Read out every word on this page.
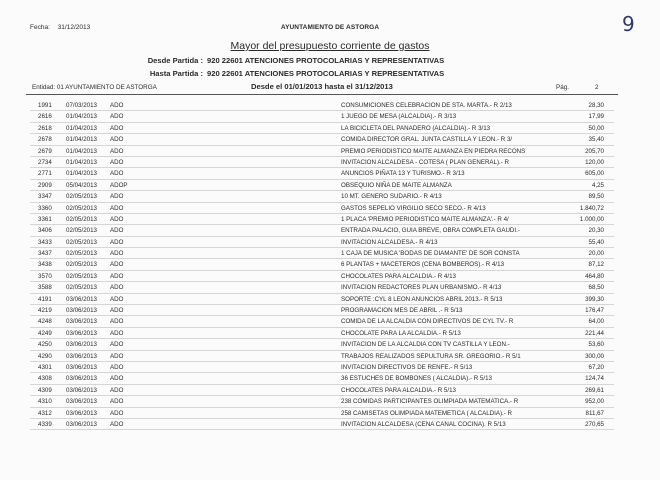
Fecha: 31/12/2013	AYUNTAMIENTO DE ASTORGA	9
Mayor del presupuesto corriente de gastos
Desde Partida : 920 22601 ATENCIONES PROTOCOLARIAS Y REPRESENTATIVAS
Hasta Partida : 920 22601 ATENCIONES PROTOCOLARIAS Y REPRESENTATIVAS
Entidad: 01 AYUNTAMIENTO DE ASTORGA	Desde el 01/01/2013 hasta el 31/12/2013	Pág.	2
1991 07/03/2013 ADO	CONSUMICIONES CELEBRACION DE STA. MARTA.- R 2/13	28,30
2616 01/04/2013 ADO	1 JUEGO DE MESA (ALCALDIA).- R 3/13	17,99
2618 01/04/2013 ADO	LA BICICLETA DEL PANADERO (ALCALDIA).- R 3/13	50,00
2678 01/04/2013 ADO	COMIDA DIRECTOR GRAL. JUNTA CASTILLA Y LEON.- R 3/	35,40
2679 01/04/2013 ADO	PREMIO PERIODISTICO MAITE ALMANZA EN PIEDRA RECONS	205,70
2734 01/04/2013 ADO	INVITACION ALCALDESA - COTESA ( PLAN GENERAL).- R	120,00
2771 01/04/2013 ADO	ANUNCIOS PIÑATA 13 Y TURISMO.- R 3/13	605,00
2909 05/04/2013 ADOP	OBSEQUIO NIÑA DE MAITE ALMANZA	4,25
3347 02/05/2013 ADO	10 MT. GENERO SUDARIO.- R 4/13	89,50
3360 02/05/2013 ADO	GASTOS SEPELIO VIRGILIO SECO SECO.- R 4/13	1.840,72
3361 02/05/2013 ADO	1 PLACA 'PREMIO PERIODISTICO MAITE ALMANZA'.- R 4/	1.000,00
3406 02/05/2013 ADO	ENTRADA PALACIO, GUIA BREVE, OBRA COMPLETA GAUDI.-	20,30
3433 02/05/2013 ADO	INVITACION ALCALDESA.- R 4/13	55,40
3437 02/05/2013 ADO	1 CAJA DE MUSICA 'BODAS DE DIAMANTE' DE SOR CONSTA	20,00
3438 02/05/2013 ADO	6 PLANTAS + MACETEROS (CENA BOMBEROS).- R 4/13	87,12
3570 02/05/2013 ADO	CHOCOLATES PARA ALCALDIA.- R 4/13	464,80
3588 02/05/2013 ADO	INVITACION REDACTORES PLAN URBANISMO.- R 4/13	68,50
4191 03/06/2013 ADO	SOPORTE :CYL 8 LEON ANUNCIOS ABRIL 2013.- R 5/13	399,30
4219 03/06/2013 ADO	PROGRAMACION MES DE ABRIL .- R 5/13	176,47
4248 03/06/2013 ADO	COMIDA DE LA ALCALDIA CON DIRECTIVOS DE CYL TV.- R	64,00
4249 03/06/2013 ADO	CHOCOLATE PARA LA ALCALDIA.- R 5/13	221,44
4250 03/06/2013 ADO	INVITACION DE LA ALCALDIA CON TV CASTILLA Y LEON.-	53,60
4290 03/06/2013 ADO	TRABAJOS REALIZADOS SEPULTURA SR. GREGORIO.- R 5/1	300,00
4301 03/06/2013 ADO	INVITACION DIRECTIVOS DE RENFE.- R 5/13	67,20
4308 03/06/2013 ADO	36 ESTUCHES DE BOMBONES ( ALCALDIA).- R 5/13	124,74
4309 03/06/2013 ADO	CHOCOLATES PARA ALCALDIA.- R 5/13	269,61
4310 03/06/2013 ADO	238 COMIDAS PARTICIPANTES OLIMPIADA MATEMATICA.- R	952,00
4312 03/06/2013 ADO	258 CAMISETAS OLIMPIADA MATEMETICA ( ALCALDIA).- R	811,67
4339 03/06/2013 ADO	INVITACION ALCALDESA (CENA CANAL COCINA). R 5/13	270,65
